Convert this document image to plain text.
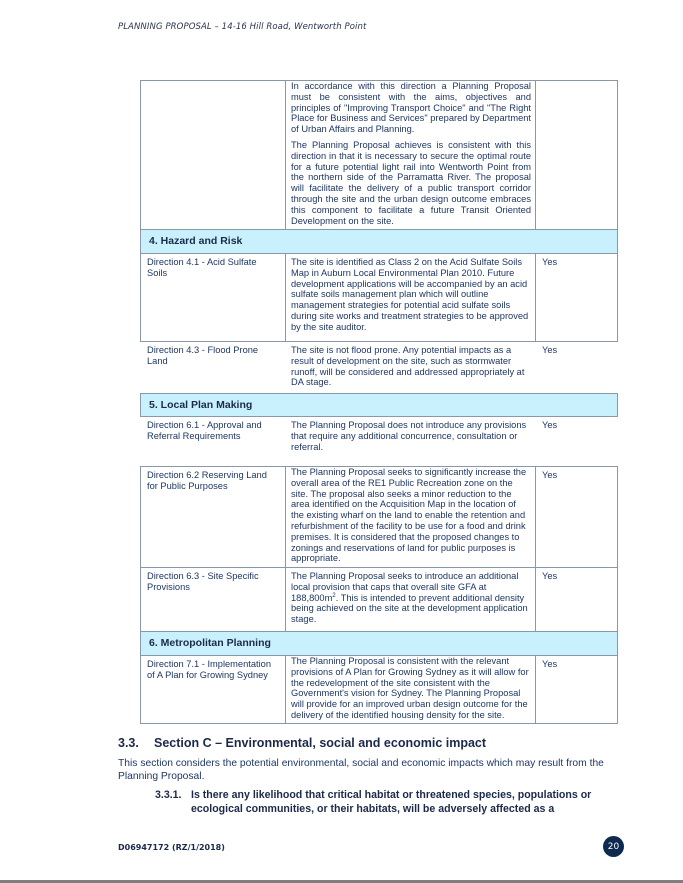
PLANNING PROPOSAL – 14-16 Hill Road, Wentworth Point

In accordance with this direction a Planning Proposal must be consistent with the aims, objectives and principles of "Improving Transport Choice" and "The Right Place for Business and Services" prepared by Department of Urban Affairs and Planning.

The Planning Proposal achieves is consistent with this direction in that it is necessary to secure the optimal route for a future potential light rail into Wentworth Point from the northern side of the Parramatta River. The proposal will facilitate the delivery of a public transport corridor through the site and the urban design outcome embraces this component to facilitate a future Transit Oriented Development on the site.

4. Hazard and Risk
Direction 4.1 - Acid Sulfate Soils
The site is identified as Class 2 on the Acid Sulfate Soils Map in Auburn Local Environmental Plan 2010. Future development applications will be accompanied by an acid sulfate soils management plan which will outline management strategies for potential acid sulfate soils during site works and treatment strategies to be approved by the site auditor.
Yes
Direction 4.3 - Flood Prone Land
The site is not flood prone. Any potential impacts as a result of development on the site, such as stormwater runoff, will be considered and addressed appropriately at DA stage.
Yes
5. Local Plan Making
Direction 6.1 - Approval and Referral Requirements
The Planning Proposal does not introduce any provisions that require any additional concurrence, consultation or referral.
Yes
Direction 6.2 Reserving Land for Public Purposes
The Planning Proposal seeks to significantly increase the overall area of the RE1 Public Recreation zone on the site. The proposal also seeks a minor reduction to the area identified on the Acquisition Map in the location of the existing wharf on the land to enable the retention and refurbishment of the facility to be use for a food and drink premises. It is considered that the proposed changes to zonings and reservations of land for public purposes is appropriate.
Yes
Direction 6.3 - Site Specific Provisions
The Planning Proposal seeks to introduce an additional local provision that caps that overall site GFA at $188,800m^2$. This is intended to prevent additional density being achieved on the site at the development application stage.
Yes
6. Metropolitan Planning
Direction 7.1 - Implementation of A Plan for Growing Sydney
The Planning Proposal is consistent with the relevant provisions of A Plan for Growing Sydney as it will allow for the redevelopment of the site consistent with the Government's vision for Sydney. The Planning Proposal will provide for an improved urban design outcome for the delivery of the identified housing density for the site.
Yes
3.3. Section C – Environmental, social and economic impact
This section considers the potential environmental, social and economic impacts which may result from the Planning Proposal.
3.3.1. Is there any likelihood that critical habitat or threatened species, populations or ecological communities, or their habitats, will be adversely affected as a
D06947172 (RZ/1/2018)	20
